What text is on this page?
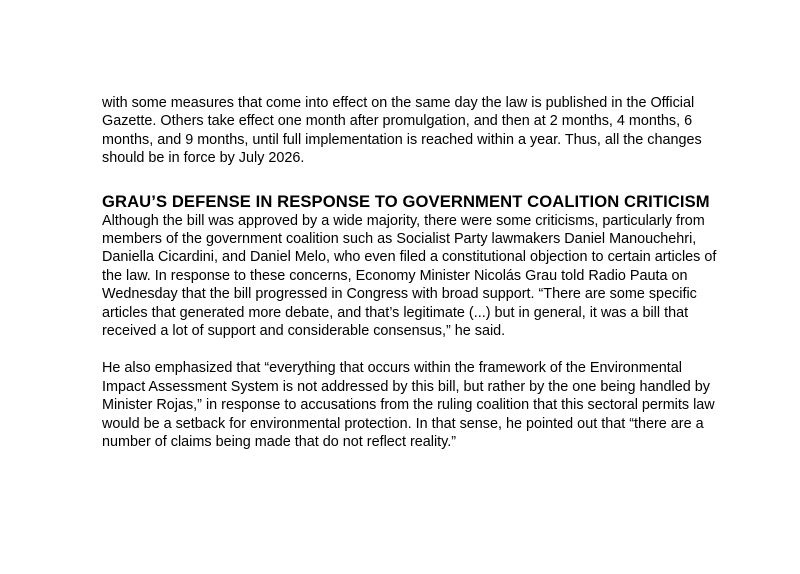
with some measures that come into effect on the same day the law is published in the Official Gazette. Others take effect one month after promulgation, and then at 2 months, 4 months, 6 months, and 9 months, until full implementation is reached within a year. Thus, all the changes should be in force by July 2026.

GRAU’S DEFENSE IN RESPONSE TO GOVERNMENT COALITION CRITICISM

Although the bill was approved by a wide majority, there were some criticisms, particularly from members of the government coalition such as Socialist Party lawmakers Daniel Manouchehri, Daniella Cicardini, and Daniel Melo, who even filed a constitutional objection to certain articles of the law. In response to these concerns, Economy Minister Nicolás Grau told Radio Pauta on Wednesday that the bill progressed in Congress with broad support. “There are some specific articles that generated more debate, and that’s legitimate (...) but in general, it was a bill that received a lot of support and considerable consensus,” he said.

He also emphasized that “everything that occurs within the framework of the Environmental Impact Assessment System is not addressed by this bill, but rather by the one being handled by Minister Rojas,” in response to accusations from the ruling coalition that this sectoral permits law would be a setback for environmental protection. In that sense, he pointed out that “there are a number of claims being made that do not reflect reality.”
